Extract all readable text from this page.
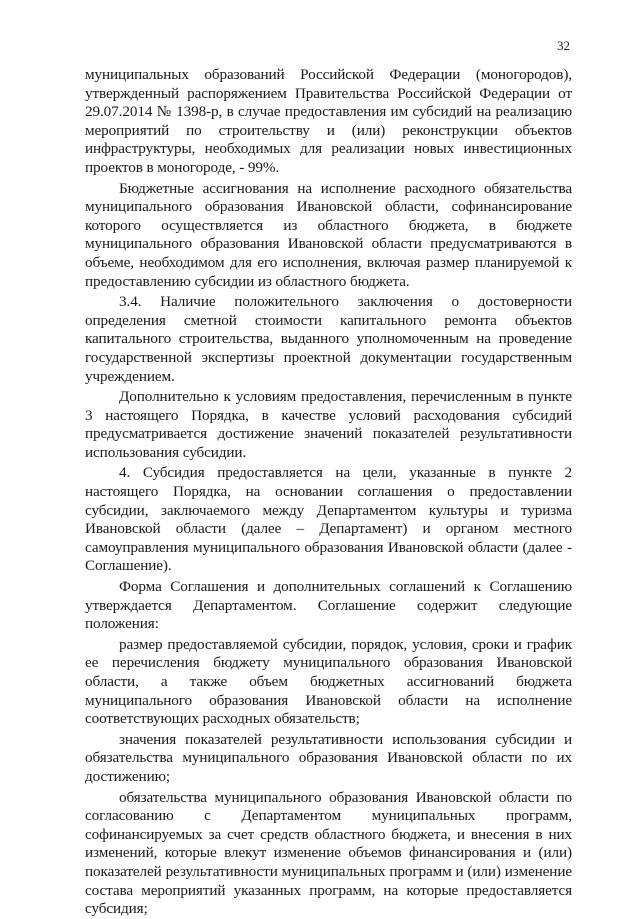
32

муниципальных образований Российской Федерации (моногородов), утвержденный распоряжением Правительства Российской Федерации от 29.07.2014 № 1398-р, в случае предоставления им субсидий на реализацию мероприятий по строительству и (или) реконструкции объектов инфраструктуры, необходимых для реализации новых инвестиционных проектов в моногороде, - 99%.

Бюджетные ассигнования на исполнение расходного обязательства муниципального образования Ивановской области, софинансирование которого осуществляется из областного бюджета, в бюджете муниципального образования Ивановской области предусматриваются в объеме, необходимом для его исполнения, включая размер планируемой к предоставлению субсидии из областного бюджета.

3.4. Наличие положительного заключения о достоверности определения сметной стоимости капитального ремонта объектов капитального строительства, выданного уполномоченным на проведение государственной экспертизы проектной документации государственным учреждением.

Дополнительно к условиям предоставления, перечисленным в пункте 3 настоящего Порядка, в качестве условий расходования субсидий предусматривается достижение значений показателей результативности использования субсидии.

4. Субсидия предоставляется на цели, указанные в пункте 2 настоящего Порядка, на основании соглашения о предоставлении субсидии, заключаемого между Департаментом культуры и туризма Ивановской области (далее – Департамент) и органом местного самоуправления муниципального образования Ивановской области (далее - Соглашение).

Форма Соглашения и дополнительных соглашений к Соглашению утверждается Департаментом. Соглашение содержит следующие положения:

размер предоставляемой субсидии, порядок, условия, сроки и график ее перечисления бюджету муниципального образования Ивановской области, а также объем бюджетных ассигнований бюджета муниципального образования Ивановской области на исполнение соответствующих расходных обязательств;

значения показателей результативности использования субсидии и обязательства муниципального образования Ивановской области по их достижению;

обязательства муниципального образования Ивановской области по согласованию с Департаментом муниципальных программ, софинансируемых за счет средств областного бюджета, и внесения в них изменений, которые влекут изменение объемов финансирования и (или) показателей результативности муниципальных программ и (или) изменение состава мероприятий указанных программ, на которые предоставляется субсидия;
